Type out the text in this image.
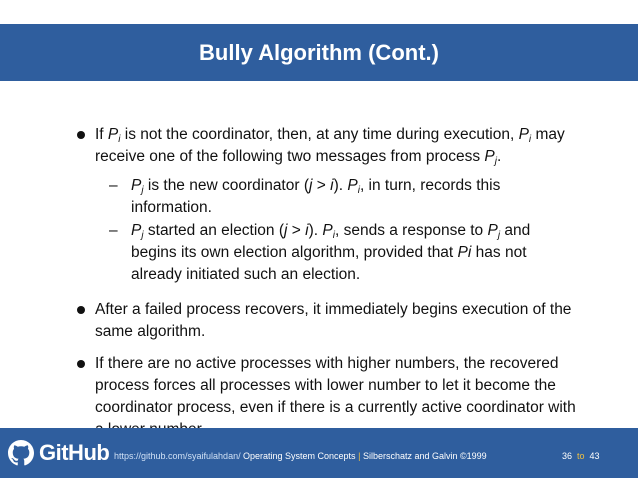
Bully Algorithm (Cont.)
If $P_i$ is not the coordinator, then, at any time during execution, $P_i$ may receive one of the following two messages from process $P_j$.
– $P_j$ is the new coordinator (j > i). $P_i$, in turn, records this information.
– $P_j$ started an election (j > i). $P_i$, sends a response to $P_j$ and begins its own election algorithm, provided that Pi has not already initiated such an election.
After a failed process recovers, it immediately begins execution of the same algorithm.
If there are no active processes with higher numbers, the recovered process forces all processes with lower number to let it become the coordinator process, even if there is a currently active coordinator with
GitHub https://github.com/syaifulahdan/ Operating System Concepts | Silberschatz and Galvin ©1999	36 to 43
